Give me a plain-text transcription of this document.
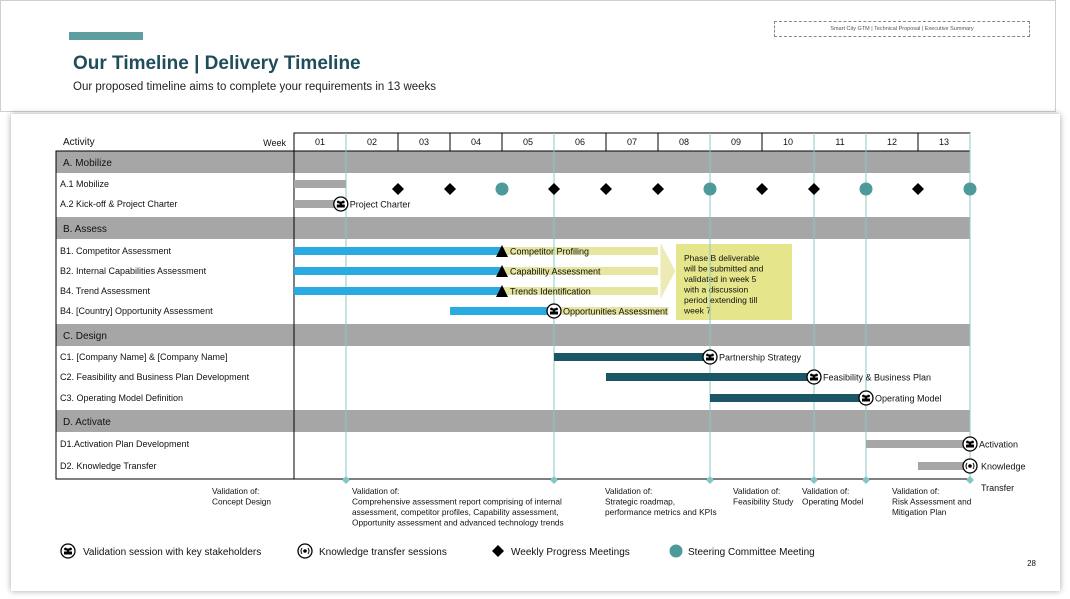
Our Timeline | Delivery Timeline
Our proposed timeline aims to complete your requirements in 13 weeks
Smart City GTM | Technical Proposal | Executive Summary
Activity	Week	01	02	03	04	05	06	07	08	09	10	11	12	13
A. Mobilize
B. Assess
C. Design
D. Activate
A.1 Mobilize
A.2 Kick-off & Project Charter
B1. Competitor Assessment
B2. Internal Capabilities Assessment
B4. Trend Assessment
B4. [Country] Opportunity Assessment
C1. [Company Name] & [Company Name]
C2. Feasibility and Business Plan Development
C3. Operating Model Definition
D1.Activation Plan Development
D2. Knowledge Transfer
Phase B deliverable will be submitted and validated in week 5 with a discussion period extending till week 7
Project Charter
Competitor Profiling
Capability Assessment
Trends Identification
Opportunities Assessment
Partnership Strategy
Feasibility & Business Plan
Operating Model
Activation
Knowledge
Transfer
Validation of: Concept Design
Validation of: Comprehensive assessment report comprising of internal assessment, competitor profiles, Capability assessment, Opportunity assessment and advanced technology trends
Validation of: Strategic roadmap, performance metrics and KPIs
Validation of: Feasibility Study
Validation of: Operating Model
Validation of: Risk Assessment and Mitigation Plan
Validation session with key stakeholders	Knowledge transfer sessions	Weekly Progress Meetings	Steering Committee Meeting
28
